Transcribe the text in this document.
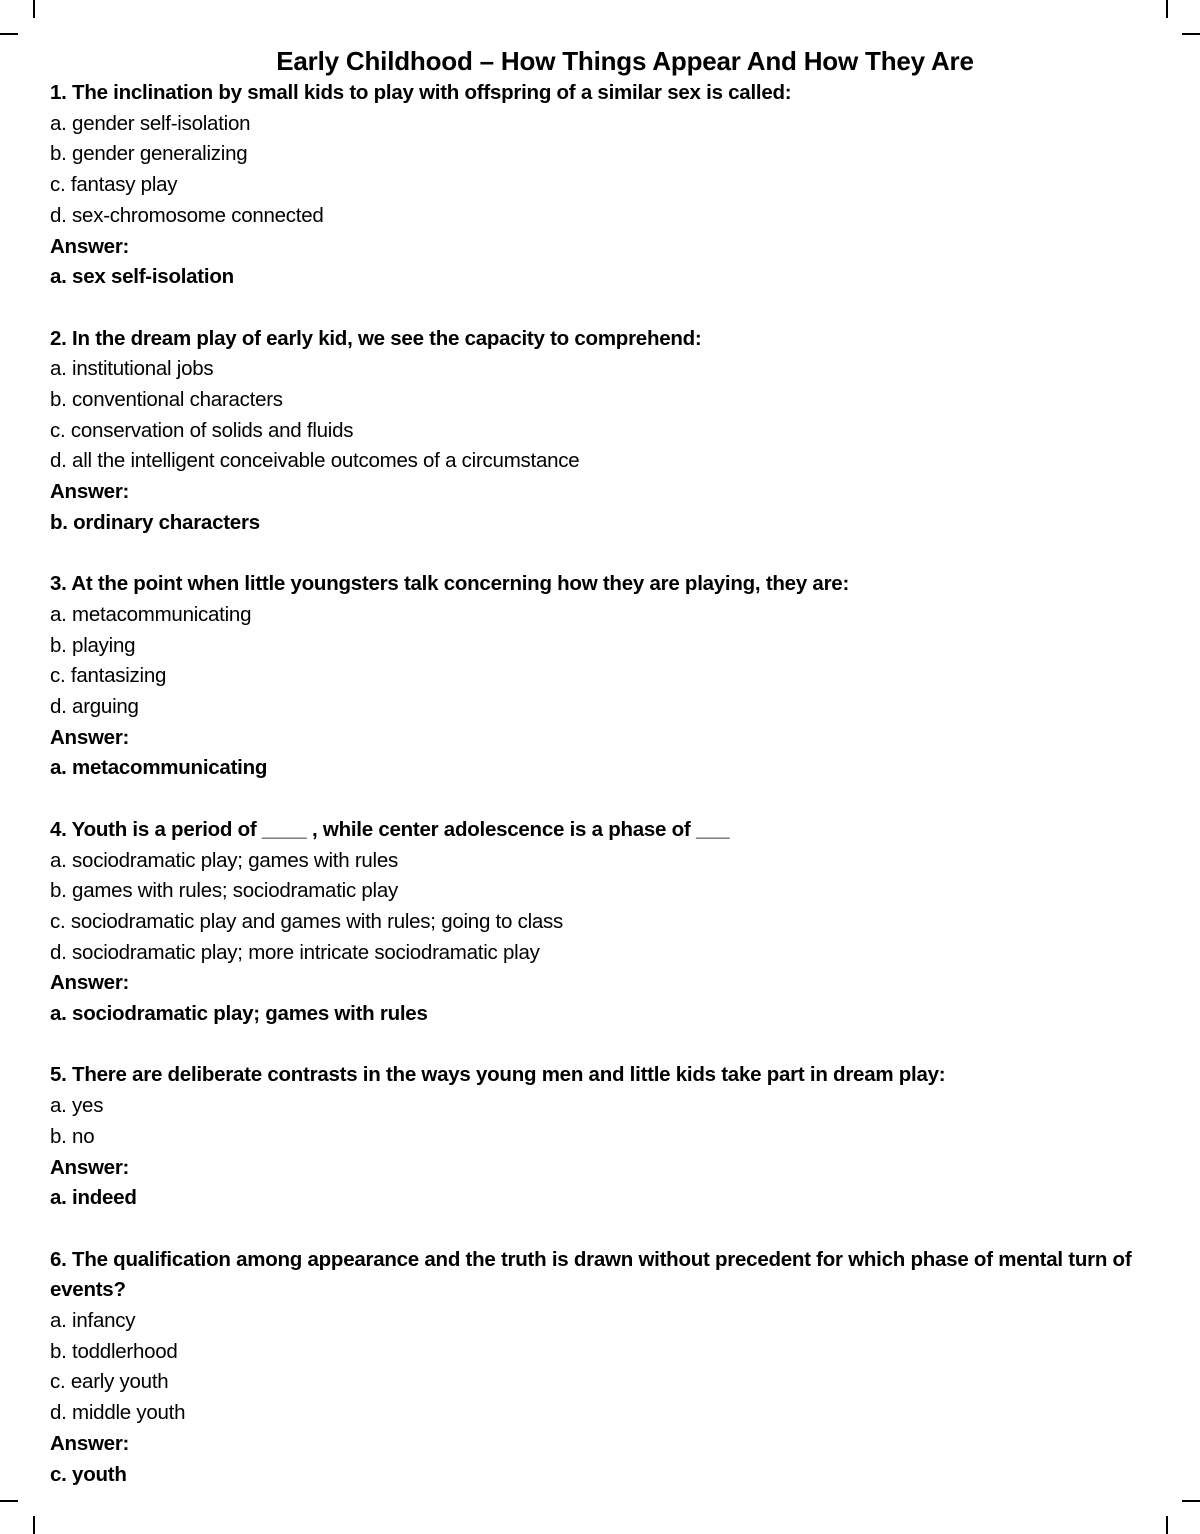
Early Childhood – How Things Appear And How They Are
1. The inclination by small kids to play with offspring of a similar sex is called:
a. gender self-isolation
b. gender generalizing
c. fantasy play
d. sex-chromosome connected
Answer:
a. sex self-isolation
2. In the dream play of early kid, we see the capacity to comprehend:
a. institutional jobs
b. conventional characters
c. conservation of solids and fluids
d. all the intelligent conceivable outcomes of a circumstance
Answer:
b. ordinary characters
3. At the point when little youngsters talk concerning how they are playing, they are:
a. metacommunicating
b. playing
c. fantasizing
d. arguing
Answer:
a. metacommunicating
4. Youth is a period of ____ , while center adolescence is a phase of ___
a. sociodramatic play; games with rules
b. games with rules; sociodramatic play
c. sociodramatic play and games with rules; going to class
d. sociodramatic play; more intricate sociodramatic play
Answer:
a. sociodramatic play; games with rules
5. There are deliberate contrasts in the ways young men and little kids take part in dream play:
a. yes
b. no
Answer:
a. indeed
6. The qualification among appearance and the truth is drawn without precedent for which phase of mental turn of events?
a. infancy
b. toddlerhood
c. early youth
d. middle youth
Answer:
c. youth
